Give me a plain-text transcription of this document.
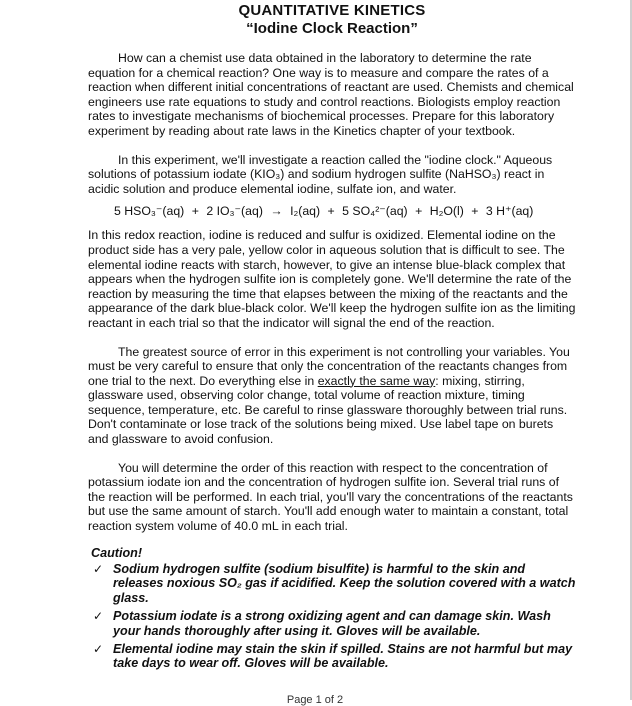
QUANTITATIVE KINETICS
“Iodine Clock Reaction”

How can a chemist use data obtained in the laboratory to determine the rate equation for a chemical reaction? One way is to measure and compare the rates of a reaction when different initial concentrations of reactant are used. Chemists and chemical engineers use rate equations to study and control reactions. Biologists employ reaction rates to investigate mechanisms of biochemical processes. Prepare for this laboratory experiment by reading about rate laws in the Kinetics chapter of your textbook.

In this experiment, we'll investigate a reaction called the "iodine clock." Aqueous solutions of potassium iodate (KIO₃) and sodium hydrogen sulfite (NaHSO₃) react in acidic solution and produce elemental iodine, sulfate ion, and water.

5 HSO₃⁻(aq) + 2 IO₃⁻(aq) → I₂(aq) + 5 SO₄²⁻(aq) + H₂O(l) + 3 H⁺(aq)

In this redox reaction, iodine is reduced and sulfur is oxidized. Elemental iodine on the product side has a very pale, yellow color in aqueous solution that is difficult to see. The elemental iodine reacts with starch, however, to give an intense blue-black complex that appears when the hydrogen sulfite ion is completely gone. We'll determine the rate of the reaction by measuring the time that elapses between the mixing of the reactants and the appearance of the dark blue-black color. We'll keep the hydrogen sulfite ion as the limiting reactant in each trial so that the indicator will signal the end of the reaction.

The greatest source of error in this experiment is not controlling your variables. You must be very careful to ensure that only the concentration of the reactants changes from one trial to the next. Do everything else in exactly the same way: mixing, stirring, glassware used, observing color change, total volume of reaction mixture, timing sequence, temperature, etc. Be careful to rinse glassware thoroughly between trial runs. Don't contaminate or lose track of the solutions being mixed. Use label tape on burets and glassware to avoid confusion.

You will determine the order of this reaction with respect to the concentration of potassium iodate ion and the concentration of hydrogen sulfite ion. Several trial runs of the reaction will be performed. In each trial, you'll vary the concentrations of the reactants but use the same amount of starch. You'll add enough water to maintain a constant, total reaction system volume of 40.0 mL in each trial.

Caution!
✓ Sodium hydrogen sulfite (sodium bisulfite) is harmful to the skin and releases noxious SO₂ gas if acidified. Keep the solution covered with a watch glass.
✓ Potassium iodate is a strong oxidizing agent and can damage skin. Wash your hands thoroughly after using it. Gloves will be available.
✓ Elemental iodine may stain the skin if spilled. Stains are not harmful but may take days to wear off. Gloves will be available.
Page 1 of 2
